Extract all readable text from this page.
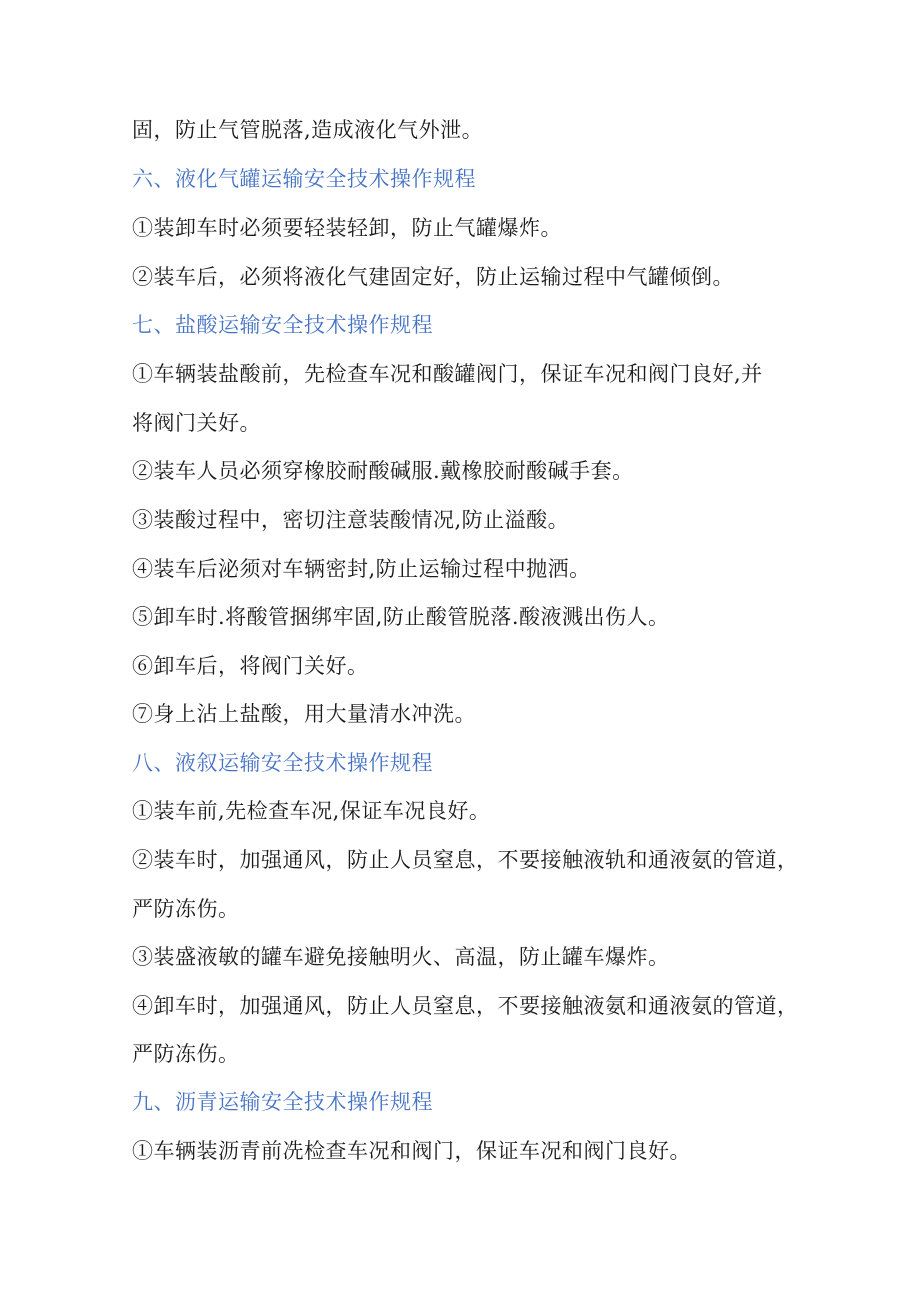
固，防止气管脱落,造成液化气外泄。
六、液化气罐运输安全技术操作规程
①装卸车时必须要轻装轻卸，防止气罐爆炸。
②装车后，必须将液化气建固定好，防止运输过程中气罐倾倒。
七、盐酸运输安全技术操作规程
①车辆装盐酸前，先检查车况和酸罐阀门，保证车况和阀门良好,并
将阀门关好。
②装车人员必须穿橡胶耐酸碱服.戴橡胶耐酸碱手套。
③装酸过程中，密切注意装酸情况,防止溢酸。
④装车后泌须对车辆密封,防止运输过程中抛洒。
⑤卸车时.将酸管捆绑牢固,防止酸管脱落.酸液溅出伤人。
⑥卸车后，将阀门关好。
⑦身上沾上盐酸，用大量清水冲洗。
八、液叙运输安全技术操作规程
①装车前,先检查车况,保证车况良好。
②装车时，加强通风，防止人员窒息，不要接触液轨和通液氨的管道，
严防冻伤。
③装盛液敏的罐车避免接触明火、高温，防止罐车爆炸。
④卸车时，加强通风，防止人员窒息，不要接触液氨和通液氨的管道，
严防冻伤。
九、沥青运输安全技术操作规程
①车辆装沥青前冼检查车况和阀门，保证车况和阀门良好。
